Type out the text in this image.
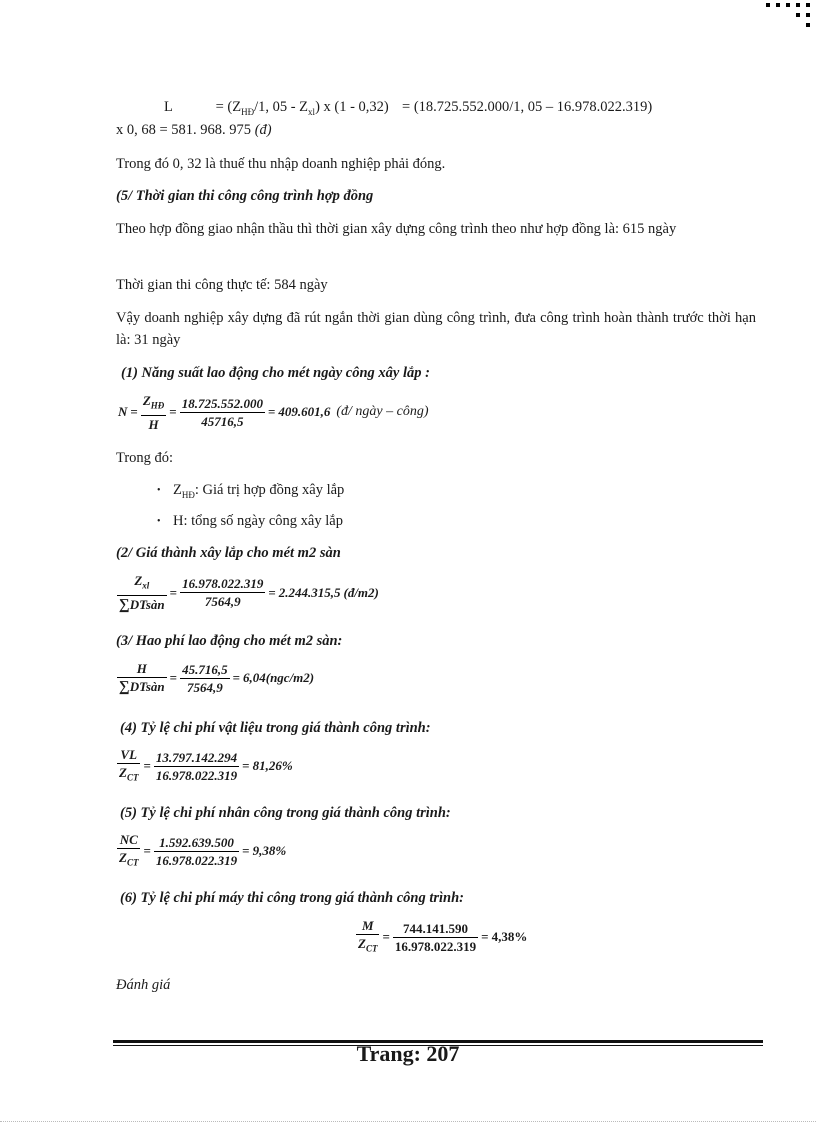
L	= ($Z_{HĐ}/1$, $05 - Z_{xl}$) x (1 - 0,32) = (18.725.552.000/1, 05 – 16.978.022.319)
x 0, 68 = 581. 968. 975 (đ)
Trong đó 0, 32 là thuế thu nhập doanh nghiệp phải đóng.
(5/ Thời gian thi công công trình hợp đồng
Theo hợp đồng giao nhận thầu thì thời gian xây dựng công trình theo như hợp đồng là: 615 ngày
Thời gian thi công thực tế: 584 ngày
Vậy doanh nghiệp xây dựng đã rút ngắn thời gian dùng công trình, đưa công trình hoàn thành trước thời hạn là: 31 ngày
(1) Năng suất lao động cho mét ngày công xây lắp :
$N = \frac{Z_{HĐ}}{H} = \frac{18.725.552.000}{45716,5} = 409.601,6$ (đ/ ngày – công)
Trong đó:
• $Z_{HĐ}$: Giá trị hợp đồng xây lắp
• H: tổng số ngày công xây lắp
(2/ Giá thành xây lắp cho mét m2 sàn
$\frac{Z_{xl}}{\text{∑DTsàn}} = \frac{16.978.022.319}{7564,9} = 2.244.315,5$ (đ/m2)
(3/ Hao phí lao động cho mét m2 sàn:
$\frac{H}{\text{∑DTsàn}} = \frac{45.716,5}{7564,9} = 6,04$ (ngc/m2)
(4) Tỷ lệ chi phí vật liệu trong giá thành công trình:
$\frac{VL}{Z_{CT}} = \frac{13.797.142.294}{16.978.022.319} = 81,26\%$
(5) Tỷ lệ chi phí nhân công trong giá thành công trình:
$\frac{NC}{Z_{CT}} = \frac{1.592.639.500}{16.978.022.319} = 9,38\%$
(6) Tỷ lệ chi phí máy thi công trong giá thành công trình:
$\frac{M}{Z_{CT}} = \frac{744.141.590}{16.978.022.319} = 4,38\%$
Đánh giá
Trang: 207
